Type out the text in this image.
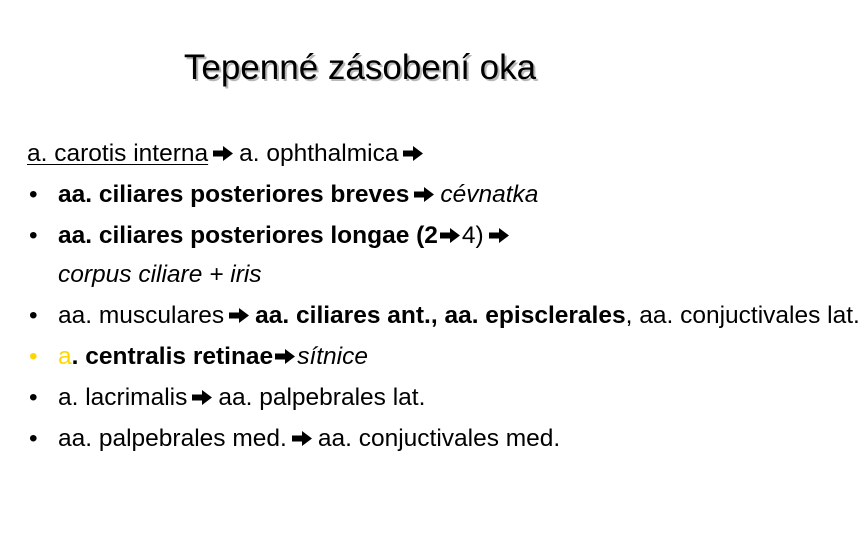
Tepenné zásobení oka
a. carotis interna a. ophthalmica
• aa. ciliares posteriores breves cévnatka
• aa. ciliares posteriores longae (2 4)
corpus ciliare + iris
• aa. musculares aa. ciliares ant., aa. episclerales, aa. conjuctivales lat.
• a. centralis retinae sítnice
• a. lacrimalis aa. palpebrales lat.
• aa. palpebrales med. aa. conjuctivales med.
